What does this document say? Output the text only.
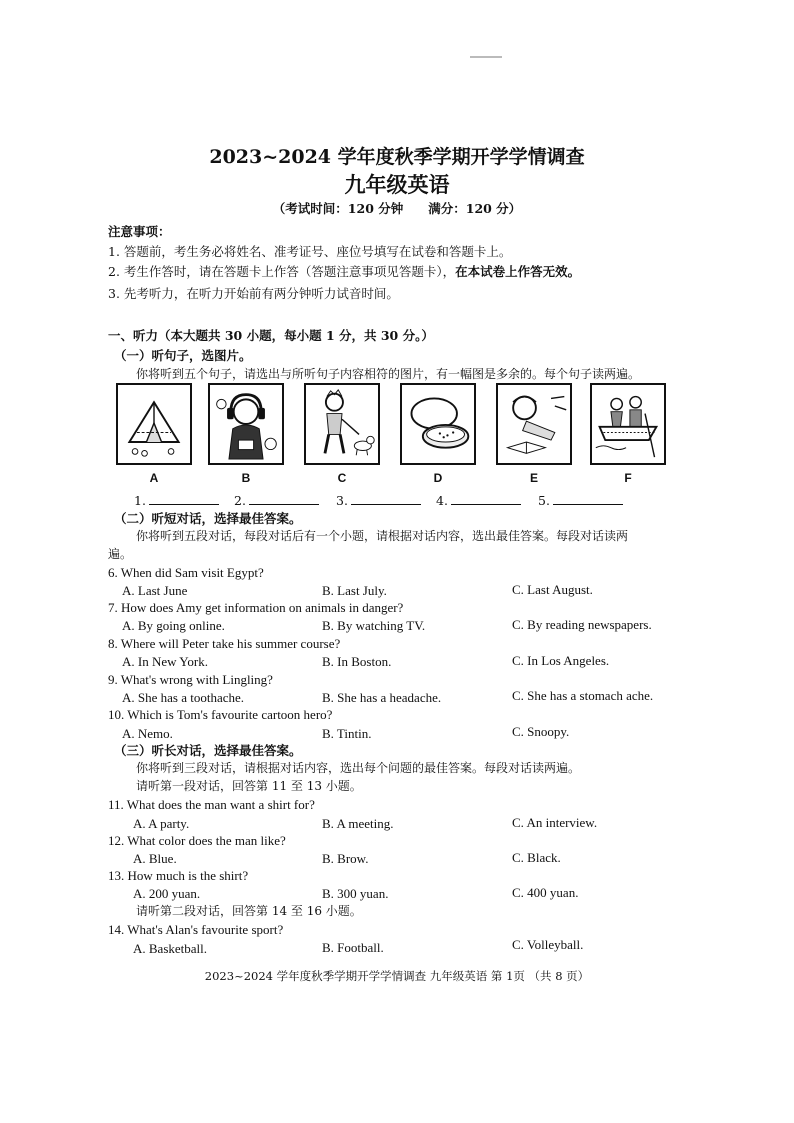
2023~2024 学年度秋季学期开学学情调查
九年级英语
（考试时间：120 分钟　　满分：120 分）
注意事项：
1. 答题前，考生务必将姓名、准考证号、座位号填写在试卷和答题卡上。
2. 考生作答时，请在答题卡上作答（答题注意事项见答题卡），在本试卷上作答无效。
3. 先考听力，在听力开始前有两分钟听力试音时间。
一、听力（本大题共 30 小题，每小题 1 分，共 30 分。）
（一）听句子，选图片。
你将听到五个句子，请选出与所听句子内容相符的图片，有一幅图是多余的。每个句子读两遍。
A	B	C	D	E	F
1.	2.	3.	4.	5.
（二）听短对话，选择最佳答案。
你将听到五段对话，每段对话后有一个小题，请根据对话内容，选出最佳答案。每段对话读两
遍。
6. When did Sam visit Egypt?
A. Last June	B. Last July.	C. Last August.
7. How does Amy get information on animals in danger?
A. By going online.	B. By watching TV.	C. By reading newspapers.
8. Where will Peter take his summer course?
A. In New York.	B. In Boston.	C. In Los Angeles.
9. What's wrong with Lingling?
A. She has a toothache.	B. She has a headache.	C. She has a stomach ache.
10. Which is Tom's favourite cartoon hero?
A. Nemo.	B. Tintin.	C. Snoopy.
（三）听长对话，选择最佳答案。
你将听到三段对话，请根据对话内容，选出每个问题的最佳答案。每段对话读两遍。
请听第一段对话，回答第 11 至 13 小题。
11. What does the man want a shirt for?
A. A party.	B. A meeting.	C. An interview.
12. What color does the man like?
A. Blue.	B. Brow.	C. Black.
13. How much is the shirt?
A. 200 yuan.	B. 300 yuan.	C. 400 yuan.
请听第二段对话，回答第 14 至 16 小题。
14. What's Alan's favourite sport?
A. Basketball.	B. Football.	C. Volleyball.
2023~2024 学年度秋季学期开学学情调查 九年级英语 第 1页 （共 8 页）
